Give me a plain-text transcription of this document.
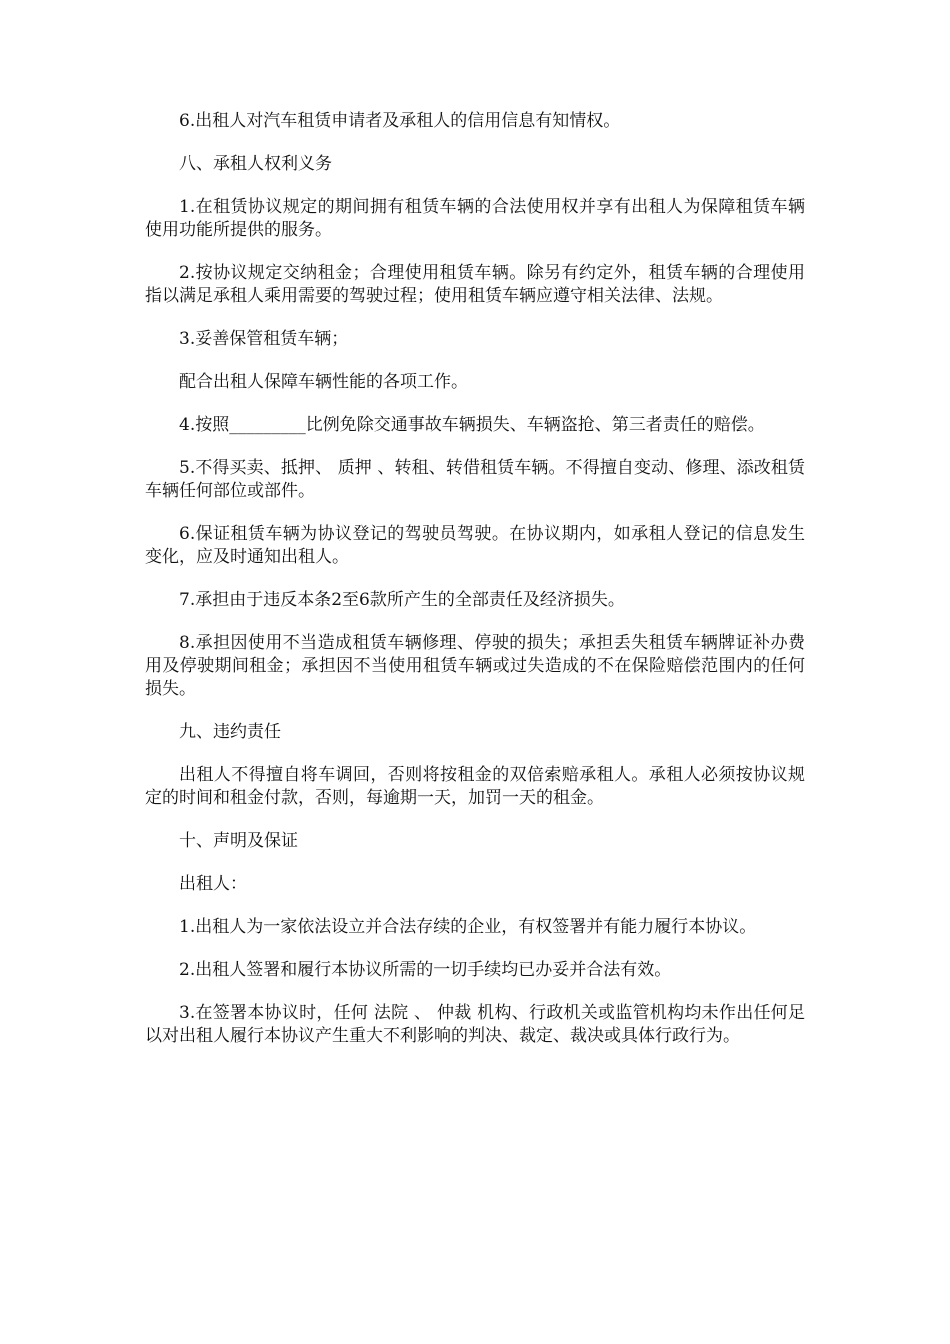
6.出租人对汽车租赁申请者及承租人的信用信息有知情权。

八、承租人权利义务

1.在租赁协议规定的期间拥有租赁车辆的合法使用权并享有出租人为保障租赁车辆使用功能所提供的服务。

2.按协议规定交纳租金；合理使用租赁车辆。除另有约定外，租赁车辆的合理使用指以满足承租人乘用需要的驾驶过程；使用租赁车辆应遵守相关法律、法规。

3.妥善保管租赁车辆；

配合出租人保障车辆性能的各项工作。

4.按照_________比例免除交通事故车辆损失、车辆盗抢、第三者责任的赔偿。

5.不得买卖、抵押、 质押 、转租、转借租赁车辆。不得擅自变动、修理、添改租赁车辆任何部位或部件。

6.保证租赁车辆为协议登记的驾驶员驾驶。在协议期内，如承租人登记的信息发生变化，应及时通知出租人。

7.承担由于违反本条2至6款所产生的全部责任及经济损失。

8.承担因使用不当造成租赁车辆修理、停驶的损失；承担丢失租赁车辆牌证补办费用及停驶期间租金；承担因不当使用租赁车辆或过失造成的不在保险赔偿范围内的任何损失。

九、违约责任

出租人不得擅自将车调回，否则将按租金的双倍索赔承租人。承租人必须按协议规定的时间和租金付款，否则，每逾期一天，加罚一天的租金。

十、声明及保证

出租人：

1.出租人为一家依法设立并合法存续的企业，有权签署并有能力履行本协议。

2.出租人签署和履行本协议所需的一切手续均已办妥并合法有效。

3.在签署本协议时，任何 法院 、 仲裁 机构、行政机关或监管机构均未作出任何足以对出租人履行本协议产生重大不利影响的判决、裁定、裁决或具体行政行为。
